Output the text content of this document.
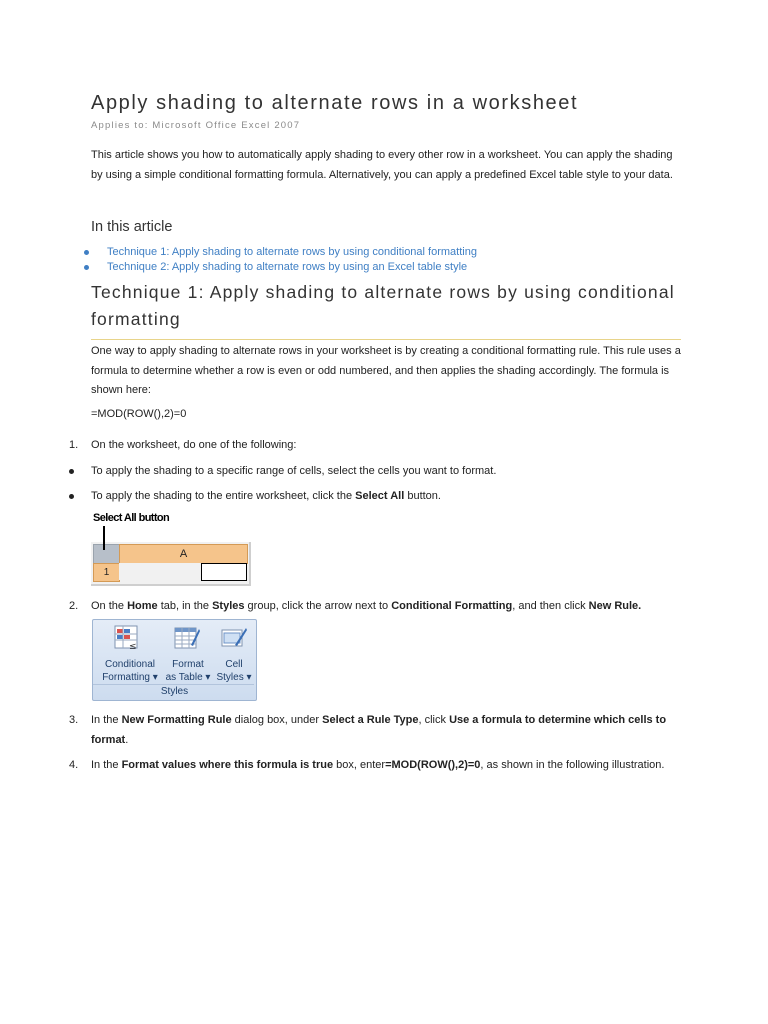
Apply shading to alternate rows in a worksheet
Applies to: Microsoft Office Excel 2007
This article shows you how to automatically apply shading to every other row in a worksheet. You can apply the shading by using a simple conditional formatting formula. Alternatively, you can apply a predefined Excel table style to your data.
In this article
Technique 1: Apply shading to alternate rows by using conditional formatting
Technique 2: Apply shading to alternate rows by using an Excel table style
Technique 1: Apply shading to alternate rows by using conditional formatting
One way to apply shading to alternate rows in your worksheet is by creating a conditional formatting rule. This rule uses a formula to determine whether a row is even or odd numbered, and then applies the shading accordingly. The formula is shown here:
=MOD(ROW(),2)=0
1. On the worksheet, do one of the following:
To apply the shading to a specific range of cells, select the cells you want to format.
To apply the shading to the entire worksheet, click the Select All button.
Select All button
A
1
2. On the Home tab, in the Styles group, click the arrow next to Conditional Formatting, and then click New Rule.
≤
Conditional
Formatting ▾
Format
as Table ▾
Cell
Styles ▾
Styles
3. In the New Formatting Rule dialog box, under Select a Rule Type, click Use a formula to determine which cells to format.
4. In the Format values where this formula is true box, enter=MOD(ROW(),2)=0, as shown in the following illustration.
